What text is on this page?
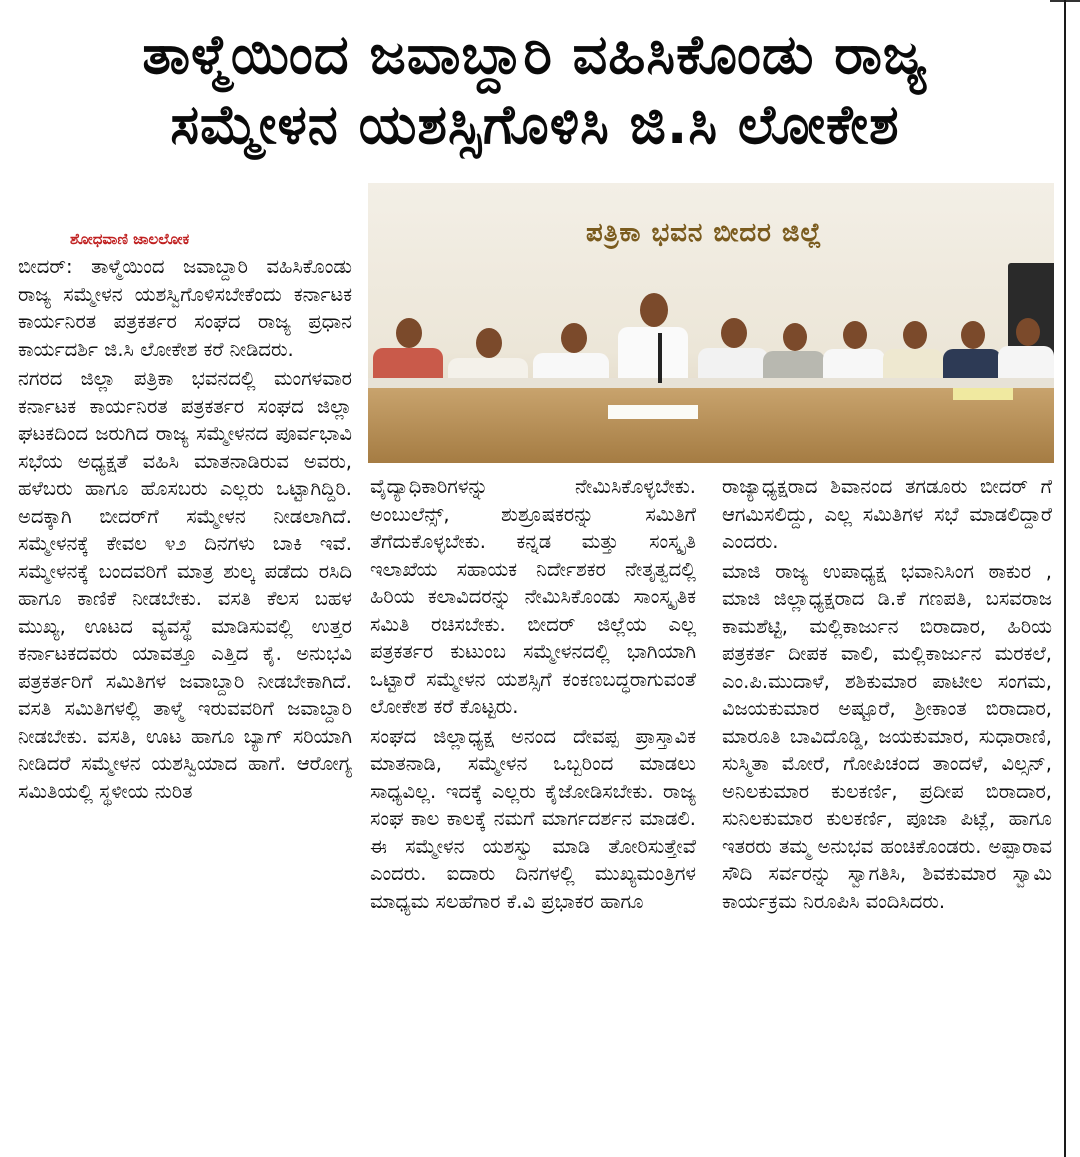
ತಾಳ್ಮೆಯಿಂದ ಜವಾಬ್ದಾರಿ ವಹಿಸಿಕೊಂಡು ರಾಜ್ಯ
ಸಮ್ಮೇಳನ ಯಶಸ್ಸಿಗೊಳಿಸಿ ಜಿ.ಸಿ ಲೋಕೇಶ
ಶೋಧವಾಣಿ ಜಾಲಲೋಕ	ಪತ್ರಿಕಾ ಭವನ ಬೀದರ ಜಿಲ್ಲೆ

ಬೀದರ್: ತಾಳ್ಮೆಯಿಂದ ಜವಾಬ್ದಾರಿ ವಹಿಸಿಕೊಂಡು ರಾಜ್ಯ ಸಮ್ಮೇಳನ ಯಶಸ್ವಿಗೊಳಿಸಬೇಕೆಂದು ಕರ್ನಾಟಕ ಕಾರ್ಯನಿರತ ಪತ್ರಕರ್ತರ ಸಂಘದ ರಾಜ್ಯ ಪ್ರಧಾನ ಕಾರ್ಯದರ್ಶಿ ಜಿ.ಸಿ ಲೋಕೇಶ ಕರೆ ನೀಡಿದರು.

ನಗರದ ಜಿಲ್ಲಾ ಪತ್ರಿಕಾ ಭವನದಲ್ಲಿ ಮಂಗಳವಾರ ಕರ್ನಾಟಕ ಕಾರ್ಯನಿರತ ಪತ್ರಕರ್ತರ ಸಂಘದ ಜಿಲ್ಲಾ ಘಟಕದಿಂದ ಜರುಗಿದ ರಾಜ್ಯ ಸಮ್ಮೇಳನದ ಪೂರ್ವಭಾವಿ ಸಭೆಯ ಅಧ್ಯಕ್ಷತೆ ವಹಿಸಿ ಮಾತನಾಡಿರುವ ಅವರು, ಹಳೆಬರು ಹಾಗೂ ಹೊಸಬರು ಎಲ್ಲರು ಒಟ್ಟಾಗಿದ್ದಿರಿ. ಅದಕ್ಕಾಗಿ ಬೀದರ್‌ಗೆ ಸಮ್ಮೇಳನ ನೀಡಲಾಗಿದೆ. ಸಮ್ಮೇಳನಕ್ಕೆ ಕೇವಲ ೪೨ ದಿನಗಳು ಬಾಕಿ ಇವೆ. ಸಮ್ಮೇಳನಕ್ಕೆ ಬಂದವರಿಗೆ ಮಾತ್ರ ಶುಲ್ಕ ಪಡೆದು ರಸಿದಿ ಹಾಗೂ ಕಾಣಿಕೆ ನೀಡಬೇಕು. ವಸತಿ ಕೆಲಸ ಬಹಳ ಮುಖ್ಯ, ಊಟದ ವ್ಯವಸ್ಥೆ ಮಾಡಿಸುವಲ್ಲಿ ಉತ್ತರ ಕರ್ನಾಟಕದವರು ಯಾವತ್ತೂ ಎತ್ತಿದ ಕೈ. ಅನುಭವಿ ಪತ್ರಕರ್ತರಿಗೆ ಸಮಿತಿಗಳ ಜವಾಬ್ದಾರಿ ನೀಡಬೇಕಾಗಿದೆ. ವಸತಿ ಸಮಿತಿಗಳಲ್ಲಿ ತಾಳ್ಮೆ ಇರುವವರಿಗೆ ಜವಾಬ್ದಾರಿ ನೀಡಬೇಕು. ವಸತಿ, ಊಟ ಹಾಗೂ ಬ್ಯಾಗ್ ಸರಿಯಾಗಿ ನೀಡಿದರೆ ಸಮ್ಮೇಳನ ಯಶಸ್ವಿಯಾದ ಹಾಗೆ. ಆರೋಗ್ಯ ಸಮಿತಿಯಲ್ಲಿ ಸ್ಥಳೀಯ ನುರಿತ

ವೈದ್ಯಾಧಿಕಾರಿಗಳನ್ನು ನೇಮಿಸಿಕೊಳ್ಳಬೇಕು. ಅಂಬುಲೆನ್ಸ್, ಶುಶ್ರೂಷಕರನ್ನು ಸಮಿತಿಗೆ ತೆಗೆದುಕೊಳ್ಳಬೇಕು. ಕನ್ನಡ ಮತ್ತು ಸಂಸ್ಕೃತಿ ಇಲಾಖೆಯ ಸಹಾಯಕ ನಿರ್ದೇಶಕರ ನೇತೃತ್ವದಲ್ಲಿ ಹಿರಿಯ ಕಲಾವಿದರನ್ನು ನೇಮಿಸಿಕೊಂಡು ಸಾಂಸ್ಕೃತಿಕ ಸಮಿತಿ ರಚಿಸಬೇಕು. ಬೀದರ್ ಜಿಲ್ಲೆಯ ಎಲ್ಲ ಪತ್ರಕರ್ತರ ಕುಟುಂಬ ಸಮ್ಮೇಳನದಲ್ಲಿ ಭಾಗಿಯಾಗಿ ಒಟ್ಟಾರೆ ಸಮ್ಮೇಳನ ಯಶಸ್ಸಿಗೆ ಕಂಕಣಬದ್ಧರಾಗುವಂತೆ ಲೋಕೇಶ ಕರೆ ಕೊಟ್ಟರು.

ಸಂಘದ ಜಿಲ್ಲಾಧ್ಯಕ್ಷ ಅನಂದ ದೇವಪ್ಪ ಪ್ರಾಸ್ತಾವಿಕ ಮಾತನಾಡಿ, ಸಮ್ಮೇಳನ ಒಬ್ಬರಿಂದ ಮಾಡಲು ಸಾಧ್ಯವಿಲ್ಲ. ಇದಕ್ಕೆ ಎಲ್ಲರು ಕೈಜೋಡಿಸಬೇಕು. ರಾಜ್ಯ ಸಂಘ ಕಾಲ ಕಾಲಕ್ಕೆ ನಮಗೆ ಮಾರ್ಗದರ್ಶನ ಮಾಡಲಿ. ಈ ಸಮ್ಮೇಳನ ಯಶಸ್ವು ಮಾಡಿ ತೋರಿಸುತ್ತೇವೆ ಎಂದರು. ಐದಾರು ದಿನಗಳಲ್ಲಿ ಮುಖ್ಯಮಂತ್ರಿಗಳ ಮಾಧ್ಯಮ ಸಲಹೆಗಾರ ಕೆ.ವಿ ಪ್ರಭಾಕರ ಹಾಗೂ

ರಾಜ್ಯಾಧ್ಯಕ್ಷರಾದ ಶಿವಾನಂದ ತಗಡೂರು ಬೀದರ್ ಗೆ ಆಗಮಿಸಲಿದ್ದು, ಎಲ್ಲ ಸಮಿತಿಗಳ ಸಭೆ ಮಾಡಲಿದ್ದಾರೆ ಎಂದರು.

ಮಾಜಿ ರಾಜ್ಯ ಉಪಾಧ್ಯಕ್ಷ ಭವಾನಿಸಿಂಗ ಠಾಕುರ , ಮಾಜಿ ಜಿಲ್ಲಾಧ್ಯಕ್ಷರಾದ ಡಿ.ಕೆ ಗಣಪತಿ, ಬಸವರಾಜ ಕಾಮಶೆಟ್ಟಿ, ಮಲ್ಲಿಕಾರ್ಜುನ ಬಿರಾದಾರ, ಹಿರಿಯ ಪತ್ರಕರ್ತ ದೀಪಕ ವಾಲಿ, ಮಲ್ಲಿಕಾರ್ಜುನ ಮರಕಲೆ, ಎಂ.ಪಿ.ಮುದಾಳೆ, ಶಶಿಕುಮಾರ ಪಾಟೀಲ ಸಂಗಮ, ವಿಜಯಕುಮಾರ ಅಷ್ಟೂರೆ, ಶ್ರೀಕಾಂತ ಬಿರಾದಾರ, ಮಾರೂತಿ ಬಾವಿದೊಡ್ಡಿ, ಜಯಕುಮಾರ, ಸುಧಾರಾಣಿ, ಸುಸ್ಮಿತಾ ಮೋರೆ, ಗೋಪಿಚಂದ ತಾಂದಳೆ, ವಿಲ್ಸನ್, ಅನಿಲಕುಮಾರ ಕುಲಕರ್ಣಿ, ಪ್ರದೀಪ ಬಿರಾದಾರ, ಸುನಿಲಕುಮಾರ ಕುಲಕರ್ಣಿ, ಪೂಜಾ ಪಿಟ್ಲೆ, ಹಾಗೂ ಇತರರು ತಮ್ಮ ಅನುಭವ ಹಂಚಿಕೊಂಡರು. ಅಪ್ಪಾರಾವ ಸೌದಿ ಸರ್ವರನ್ನು ಸ್ವಾಗತಿಸಿ, ಶಿವಕುಮಾರ ಸ್ವಾಮಿ ಕಾರ್ಯಕ್ರಮ ನಿರೂಪಿಸಿ ವಂದಿಸಿದರು.
